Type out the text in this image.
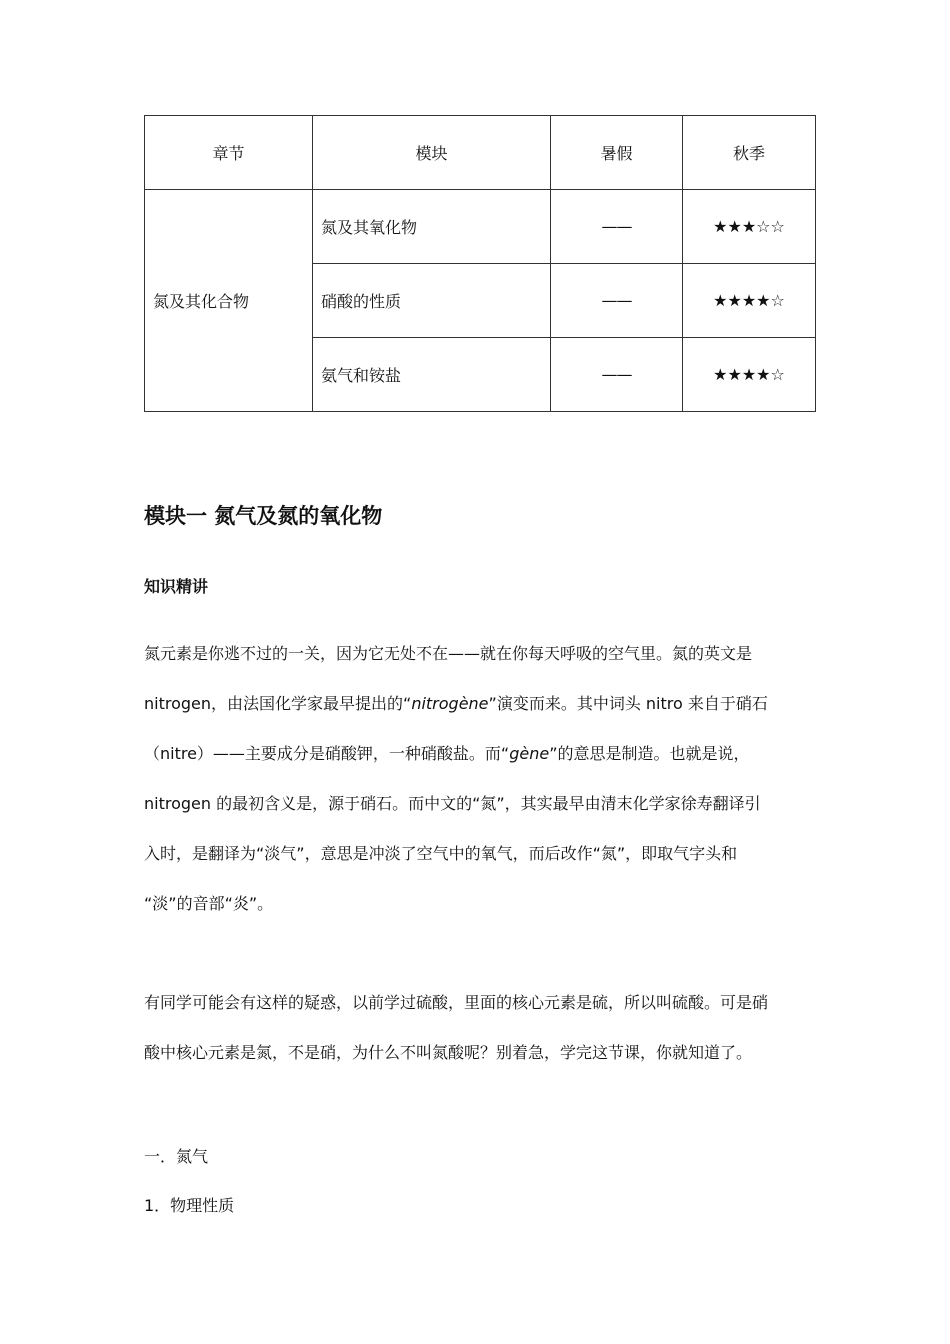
章节	模块	暑假	秋季
氮及其化合物	氮及其氧化物	——	★★★☆☆
	硝酸的性质	——	★★★★☆
	氨气和铵盐	——	★★★★☆
模块一 氮气及氮的氧化物
知识精讲
氮元素是你逃不过的一关，因为它无处不在——就在你每天呼吸的空气里。氮的英文是
nitrogen，由法国化学家最早提出的“nitrogène”演变而来。其中词头 nitro 来自于硝石
（nitre）——主要成分是硝酸钾，一种硝酸盐。而“gène”的意思是制造。也就是说，
nitrogen 的最初含义是，源于硝石。而中文的“氮”，其实最早由清末化学家徐寿翻译引
入时，是翻译为“淡气”，意思是冲淡了空气中的氧气，而后改作“氮”，即取气字头和
“淡”的音部“炎”。
有同学可能会有这样的疑惑，以前学过硫酸，里面的核心元素是硫，所以叫硫酸。可是硝
酸中核心元素是氮，不是硝，为什么不叫氮酸呢？别着急，学完这节课，你就知道了。

一．氮气

1．物理性质
